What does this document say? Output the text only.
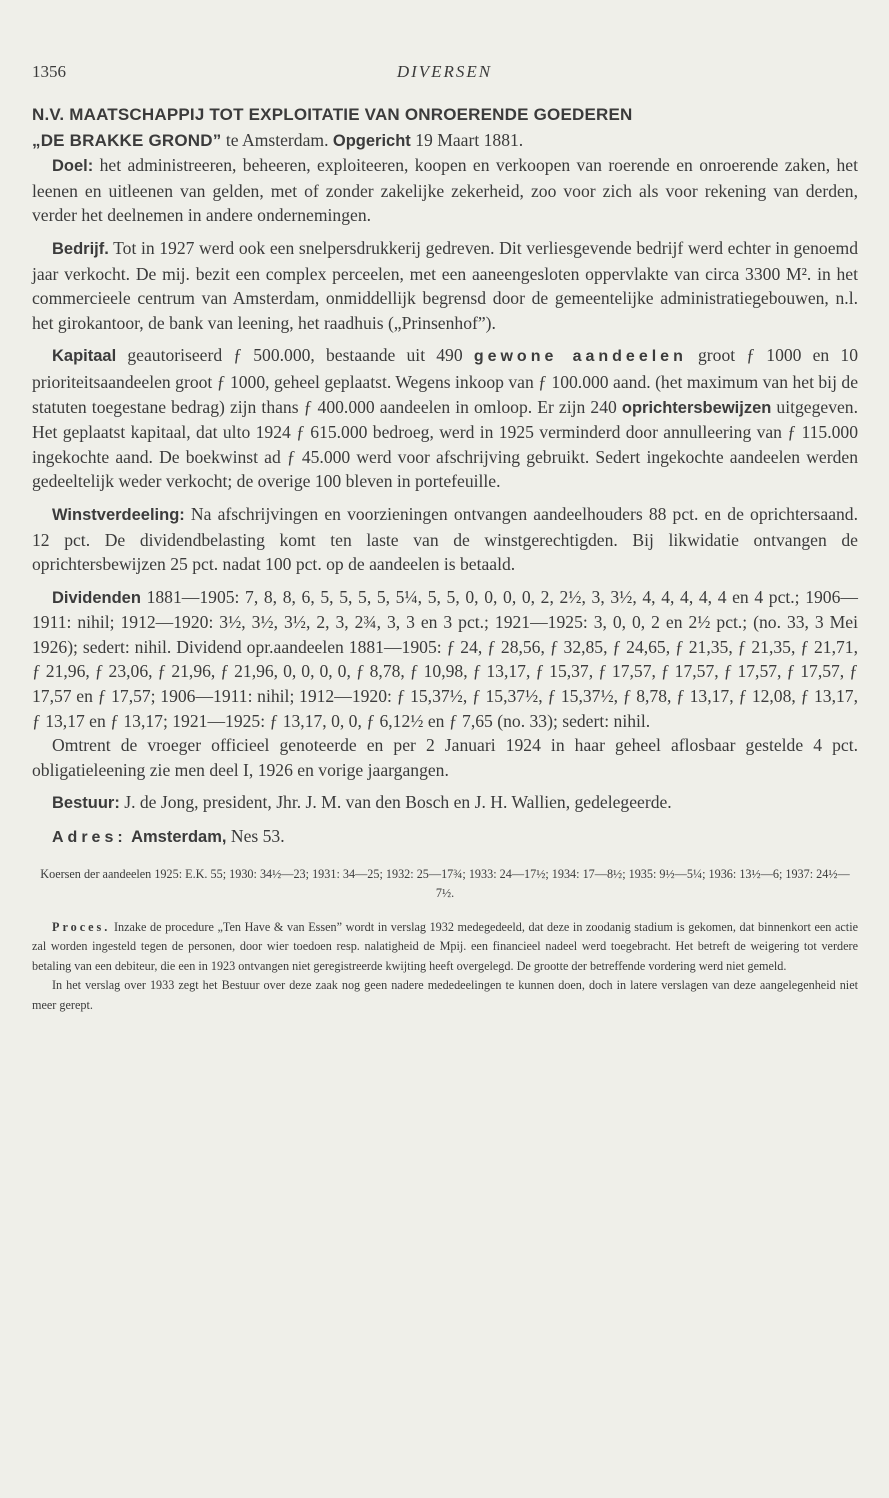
1356	DIVERSEN

N.V. MAATSCHAPPIJ TOT EXPLOITATIE VAN ONROERENDE GOEDEREN
„DE BRAKKE GROND” te Amsterdam. Opgericht 19 Maart 1881.

Doel: het administreeren, beheeren, exploiteeren, koopen en verkoopen van roerende en onroerende zaken, het leenen en uitleenen van gelden, met of zonder zakelijke zekerheid, zoo voor zich als voor rekening van derden, verder het deelnemen in andere ondernemingen.

Bedrijf. Tot in 1927 werd ook een snelpersdrukkerij gedreven. Dit verliesgevende bedrijf werd echter in genoemd jaar verkocht. De mij. bezit een complex perceelen, met een aaneengesloten oppervlakte van circa 3300 M². in het commercieele centrum van Amsterdam, onmiddellijk begrensd door de gemeentelijke administratiegebouwen, n.l. het girokantoor, de bank van leening, het raadhuis („Prinsenhof”).

Kapitaal geautoriseerd ƒ 500.000, bestaande uit 490 gewone aandeelen groot ƒ 1000 en 10 prioriteitsaandeelen groot ƒ 1000, geheel geplaatst. Wegens inkoop van ƒ 100.000 aand. (het maximum van het bij de statuten toegestane bedrag) zijn thans ƒ 400.000 aandeelen in omloop. Er zijn 240 oprichtersbewijzen uitgegeven. Het geplaatst kapitaal, dat ulto 1924 ƒ 615.000 bedroeg, werd in 1925 verminderd door annulleering van ƒ 115.000 ingekochte aand. De boekwinst ad ƒ 45.000 werd voor afschrijving gebruikt. Sedert ingekochte aandeelen werden gedeeltelijk weder verkocht; de overige 100 bleven in portefeuille.

Winstverdeeling: Na afschrijvingen en voorzieningen ontvangen aandeelhouders 88 pct. en de oprichtersaand. 12 pct. De dividendbelasting komt ten laste van de winstgerechtigden. Bij likwidatie ontvangen de oprichtersbewijzen 25 pct. nadat 100 pct. op de aandeelen is betaald.

Dividenden 1881—1905: 7, 8, 8, 6, 5, 5, 5, 5, 5¼, 5, 5, 0, 0, 0, 0, 2, 2½, 3, 3½, 4, 4, 4, 4, 4 en 4 pct.; 1906—1911: nihil; 1912—1920: 3½, 3½, 3½, 2, 3, 2¾, 3, 3 en 3 pct.; 1921—1925: 3, 0, 0, 2 en 2½ pct.; (no. 33, 3 Mei 1926); sedert: nihil. Dividend opr.aandeelen 1881—1905: ƒ 24, ƒ 28,56, ƒ 32,85, ƒ 24,65, ƒ 21,35, ƒ 21,35, ƒ 21,71, ƒ 21,96, ƒ 23,06, ƒ 21,96, ƒ 21,96, 0, 0, 0, 0, ƒ 8,78, ƒ 10,98, ƒ 13,17, ƒ 15,37, ƒ 17,57, ƒ 17,57, ƒ 17,57, ƒ 17,57, ƒ 17,57 en ƒ 17,57; 1906—1911: nihil; 1912—1920: ƒ 15,37½, ƒ 15,37½, ƒ 15,37½, ƒ 8,78, ƒ 13,17, ƒ 12,08, ƒ 13,17, ƒ 13,17 en ƒ 13,17; 1921—1925: ƒ 13,17, 0, 0, ƒ 6,12½ en ƒ 7,65 (no. 33); sedert: nihil.

Omtrent de vroeger officieel genoteerde en per 2 Januari 1924 in haar geheel aflosbaar gestelde 4 pct. obligatieleening zie men deel I, 1926 en vorige jaargangen.

Bestuur: J. de Jong, president, Jhr. J. M. van den Bosch en J. H. Wallien, gedelegeerde.

Adres: Amsterdam, Nes 53.

Koersen der aandeelen 1925: E.K. 55; 1930: 34½—23; 1931: 34—25; 1932: 25—17¾; 1933: 24—17½; 1934: 17—8½; 1935: 9½—5¼; 1936: 13½—6; 1937: 24½—7½.

Proces. Inzake de procedure „Ten Have & van Essen” wordt in verslag 1932 medegedeeld, dat deze in zoodanig stadium is gekomen, dat binnenkort een actie zal worden ingesteld tegen de personen, door wier toedoen resp. nalatigheid de Mpij. een financieel nadeel werd toegebracht. Het betreft de weigering tot verdere betaling van een debiteur, die een in 1923 ontvangen niet geregistreerde kwijting heeft overgelegd. De grootte der betreffende vordering werd niet gemeld.

In het verslag over 1933 zegt het Bestuur over deze zaak nog geen nadere mededeelingen te kunnen doen, doch in latere verslagen van deze aangelegenheid niet meer gerept.
